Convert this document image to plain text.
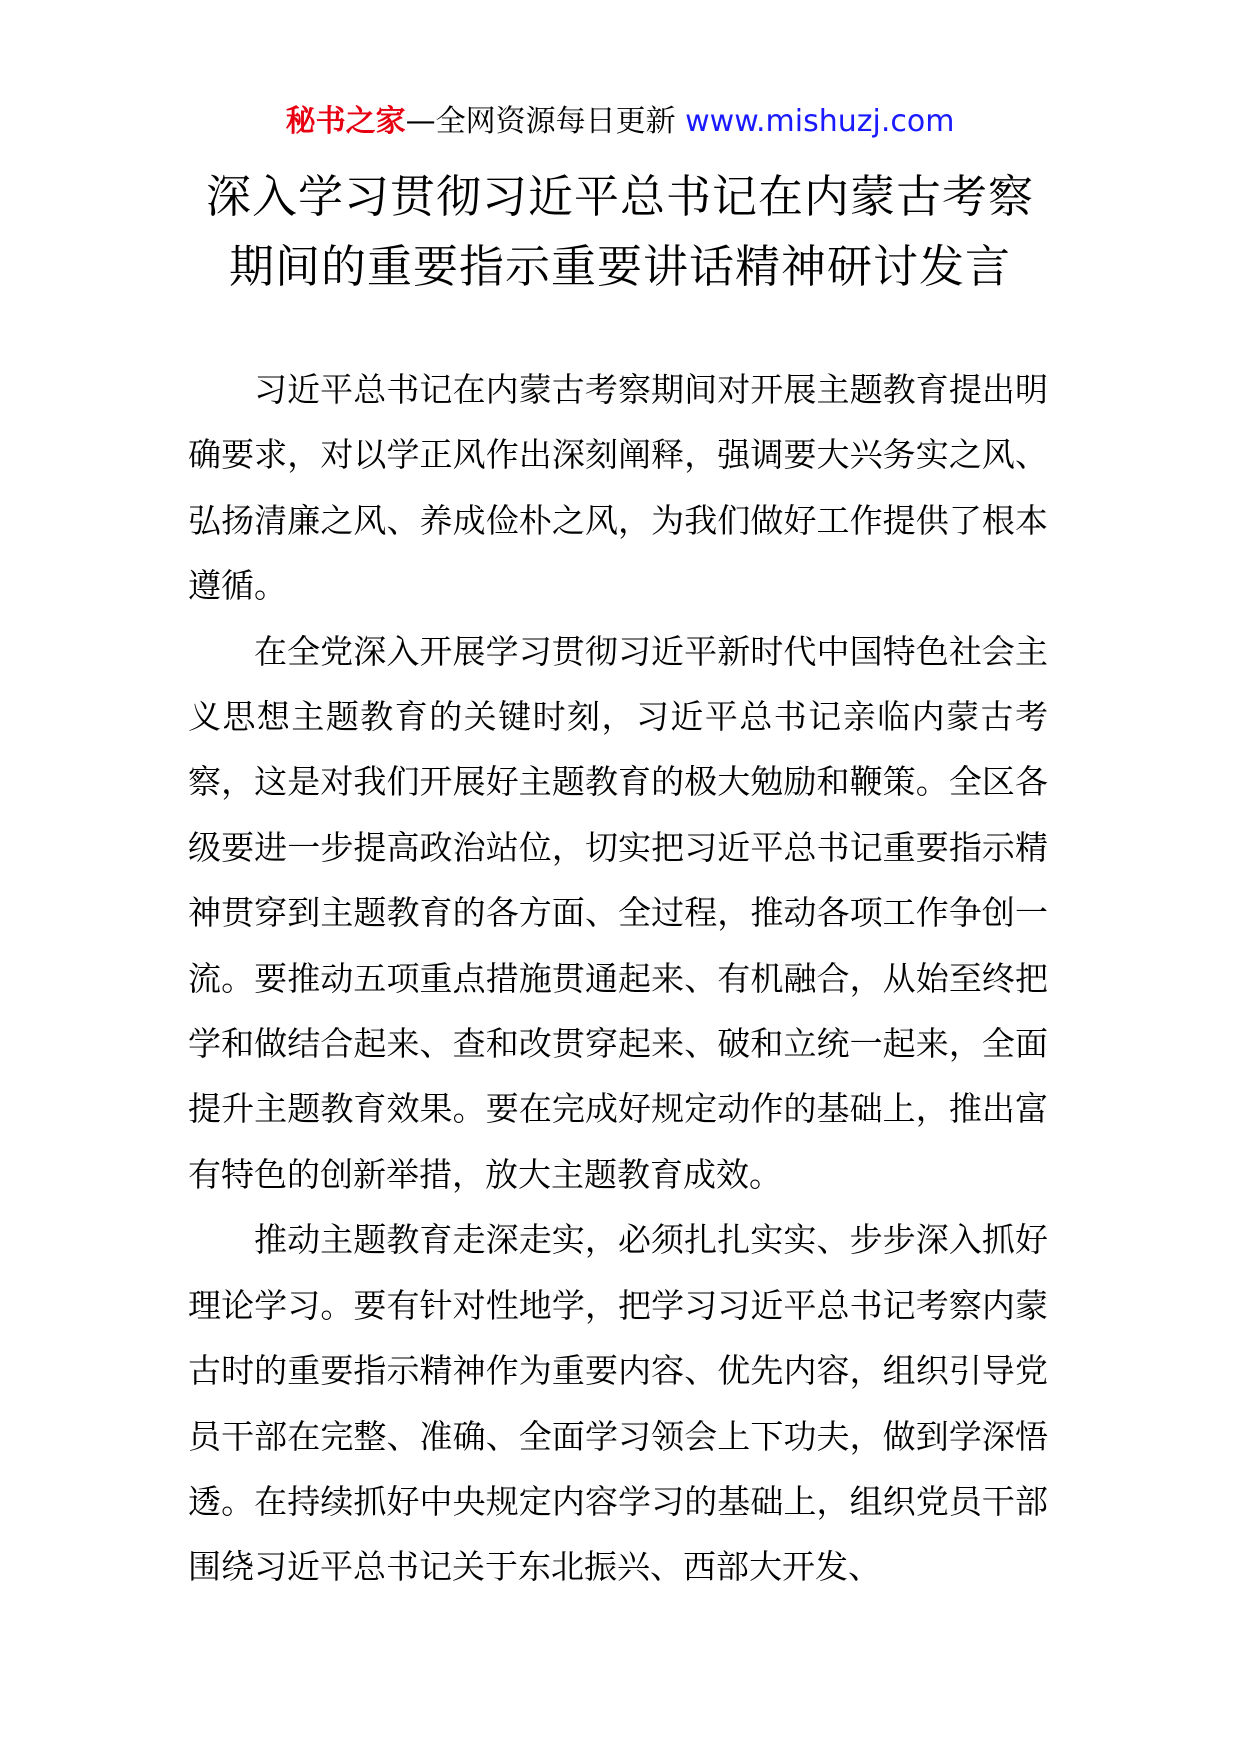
秘书之家—全网资源每日更新 www.mishuzj.com
深入学习贯彻习近平总书记在内蒙古考察
期间的重要指示重要讲话精神研讨发言

习近平总书记在内蒙古考察期间对开展主题教育提出明确要求，对以学正风作出深刻阐释，强调要大兴务实之风、弘扬清廉之风、养成俭朴之风，为我们做好工作提供了根本遵循。

在全党深入开展学习贯彻习近平新时代中国特色社会主义思想主题教育的关键时刻，习近平总书记亲临内蒙古考察，这是对我们开展好主题教育的极大勉励和鞭策。全区各级要进一步提高政治站位，切实把习近平总书记重要指示精神贯穿到主题教育的各方面、全过程，推动各项工作争创一流。要推动五项重点措施贯通起来、有机融合，从始至终把学和做结合起来、查和改贯穿起来、破和立统一起来，全面提升主题教育效果。要在完成好规定动作的基础上，推出富有特色的创新举措，放大主题教育成效。

推动主题教育走深走实，必须扎扎实实、步步深入抓好理论学习。要有针对性地学，把学习习近平总书记考察内蒙古时的重要指示精神作为重要内容、优先内容，组织引导党员干部在完整、准确、全面学习领会上下功夫，做到学深悟透。在持续抓好中央规定内容学习的基础上，组织党员干部围绕习近平总书记关于东北振兴、西部大开发、
